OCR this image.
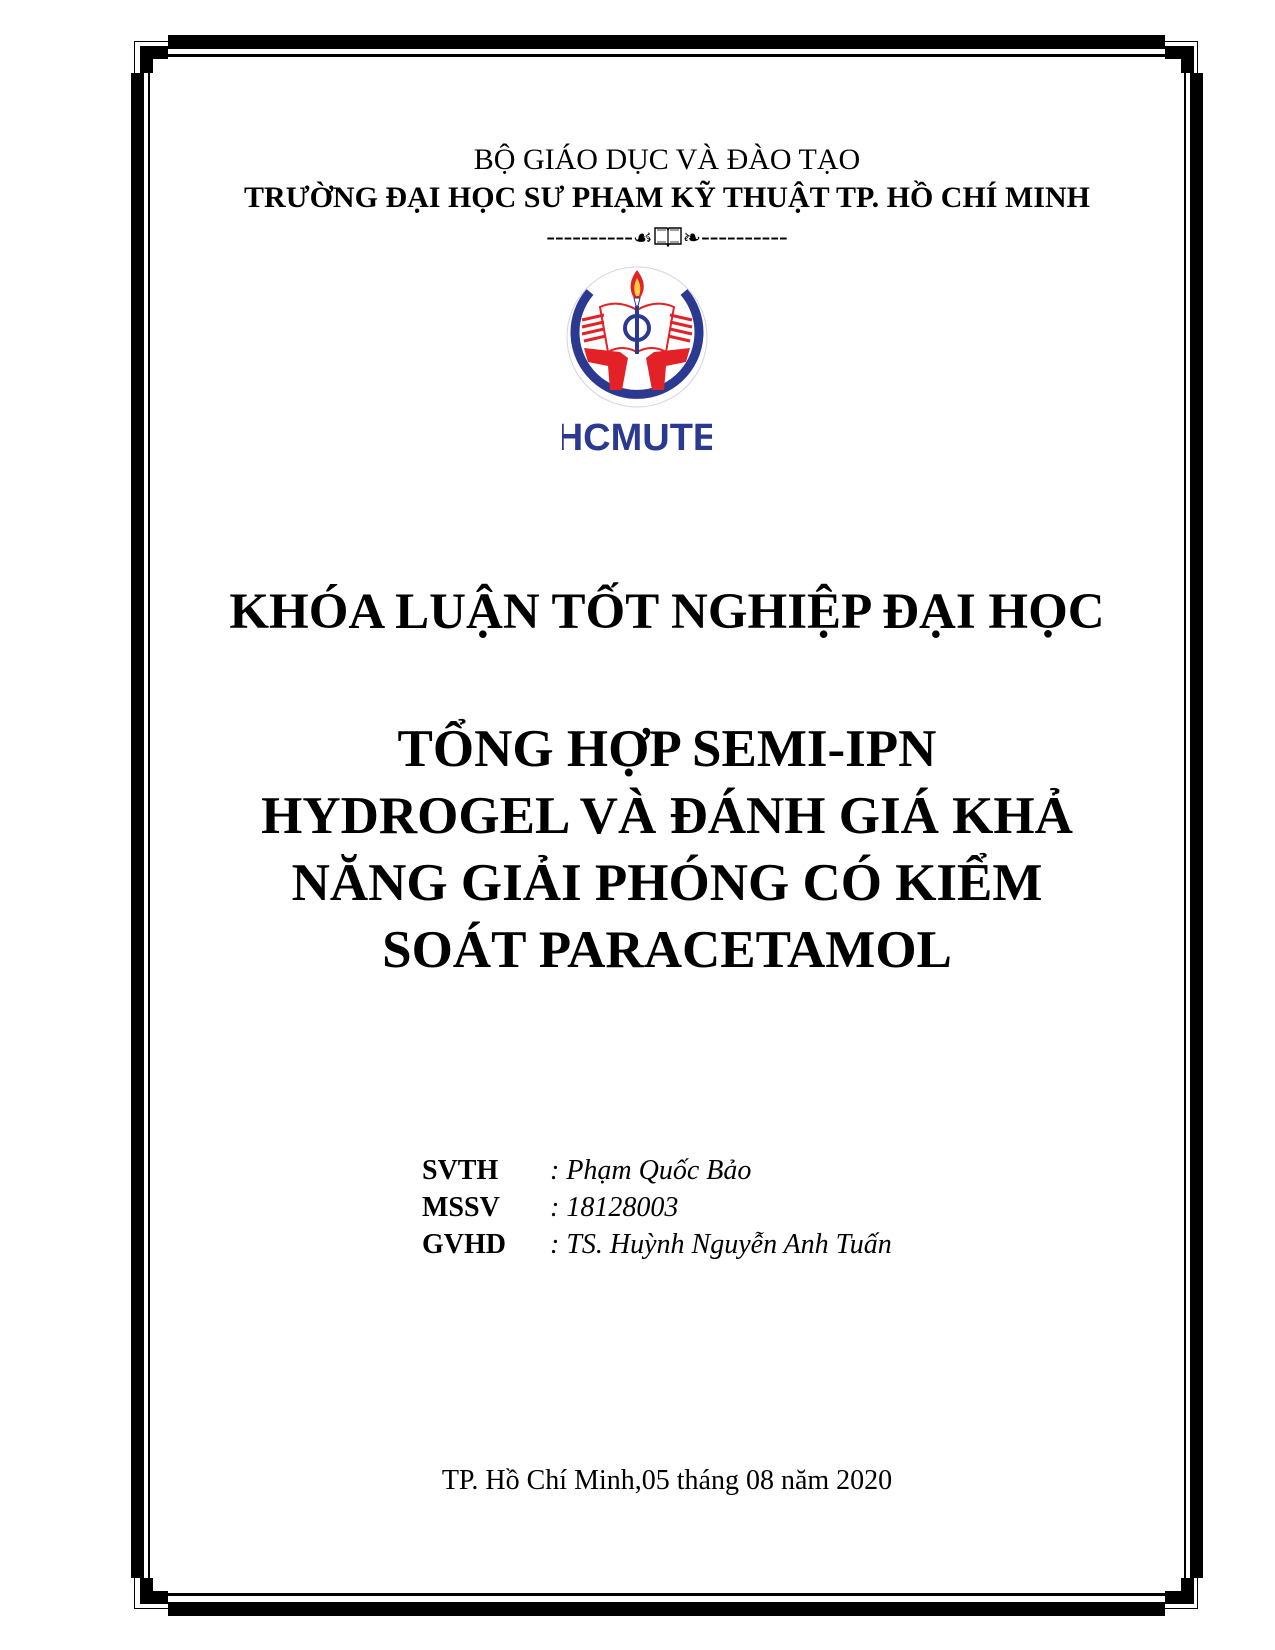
BỘ GIÁO DỤC VÀ ĐÀO TẠO
TRƯỜNG ĐẠI HỌC SƯ PHẠM KỸ THUẬT TP. HỒ CHÍ MINH
----------☙ ❧----------
HCMUTE
KHÓA LUẬN TỐT NGHIỆP ĐẠI HỌC
TỔNG HỢP SEMI-IPN
HYDROGEL VÀ ĐÁNH GIÁ KHẢ
NĂNG GIẢI PHÓNG CÓ KIỂM
SOÁT PARACETAMOL
SVTH	: Phạm Quốc Bảo
MSSV	: 18128003
GVHD	: TS. Huỳnh Nguyễn Anh Tuấn
TP. Hồ Chí Minh,05 tháng 08 năm 2020
